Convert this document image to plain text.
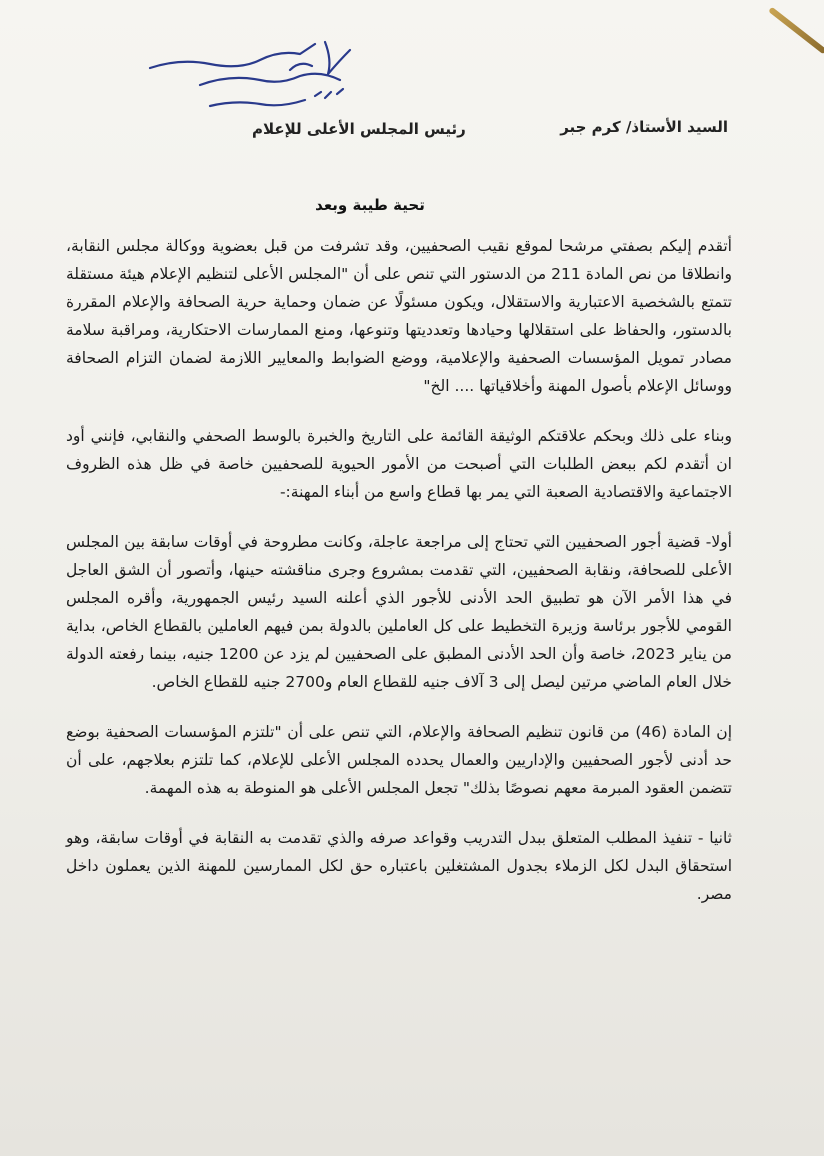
السيد الأستاذ/ كرم جبر
رئيس المجلس الأعلى للإعلام
تحية طيبة وبعد

أتقدم إليكم بصفتي مرشحا لموقع نقيب الصحفيين، وقد تشرفت من قبل بعضوية ووكالة مجلس النقابة، وانطلاقا من نص المادة 211 من الدستور التي تنص على أن "المجلس الأعلى لتنظيم الإعلام هيئة مستقلة تتمتع بالشخصية الاعتبارية والاستقلال، ويكون مسئولًا عن ضمان وحماية حرية الصحافة والإعلام المقررة بالدستور، والحفاظ على استقلالها وحيادها وتعدديتها وتنوعها، ومنع الممارسات الاحتكارية، ومراقبة سلامة مصادر تمويل المؤسسات الصحفية والإعلامية، ووضع الضوابط والمعايير اللازمة لضمان التزام الصحافة ووسائل الإعلام بأصول المهنة وأخلاقياتها .... الخ"

وبناء على ذلك وبحكم علاقتكم الوثيقة القائمة على التاريخ والخبرة بالوسط الصحفي والنقابي، فإنني أود ان أتقدم لكم ببعض الطلبات التي أصبحت من الأمور الحيوية للصحفيين خاصة في ظل هذه الظروف الاجتماعية والاقتصادية الصعبة التي يمر بها قطاع واسع من أبناء المهنة:-

أولا- قضية أجور الصحفيين التي تحتاج إلى مراجعة عاجلة، وكانت مطروحة في أوقات سابقة بين المجلس الأعلى للصحافة، ونقابة الصحفيين، التي تقدمت بمشروع وجرى مناقشته حينها، وأتصور أن الشق العاجل في هذا الأمر الآن هو تطبيق الحد الأدنى للأجور الذي أعلنه السيد رئيس الجمهورية، وأقره المجلس القومي للأجور برئاسة وزيرة التخطيط على كل العاملين بالدولة بمن فيهم العاملين بالقطاع الخاص، بداية من يناير 2023، خاصة وأن الحد الأدنى المطبق على الصحفيين لم يزد عن 1200 جنيه، بينما رفعته الدولة خلال العام الماضي مرتين ليصل إلى 3 آلاف جنيه للقطاع العام و2700 جنيه للقطاع الخاص.

إن المادة (46) من قانون تنظيم الصحافة والإعلام، التي تنص على أن "تلتزم المؤسسات الصحفية بوضع حد أدنى لأجور الصحفيين والإداريين والعمال يحدده المجلس الأعلى للإعلام، كما تلتزم بعلاجهم، على أن تتضمن العقود المبرمة معهم نصوصًا بذلك" تجعل المجلس الأعلى هو المنوطة به هذه المهمة.

ثانيا - تنفيذ المطلب المتعلق ببدل التدريب وقواعد صرفه والذي تقدمت به النقابة في أوقات سابقة، وهو استحقاق البدل لكل الزملاء بجدول المشتغلين باعتباره حق لكل الممارسين للمهنة الذين يعملون داخل مصر.
